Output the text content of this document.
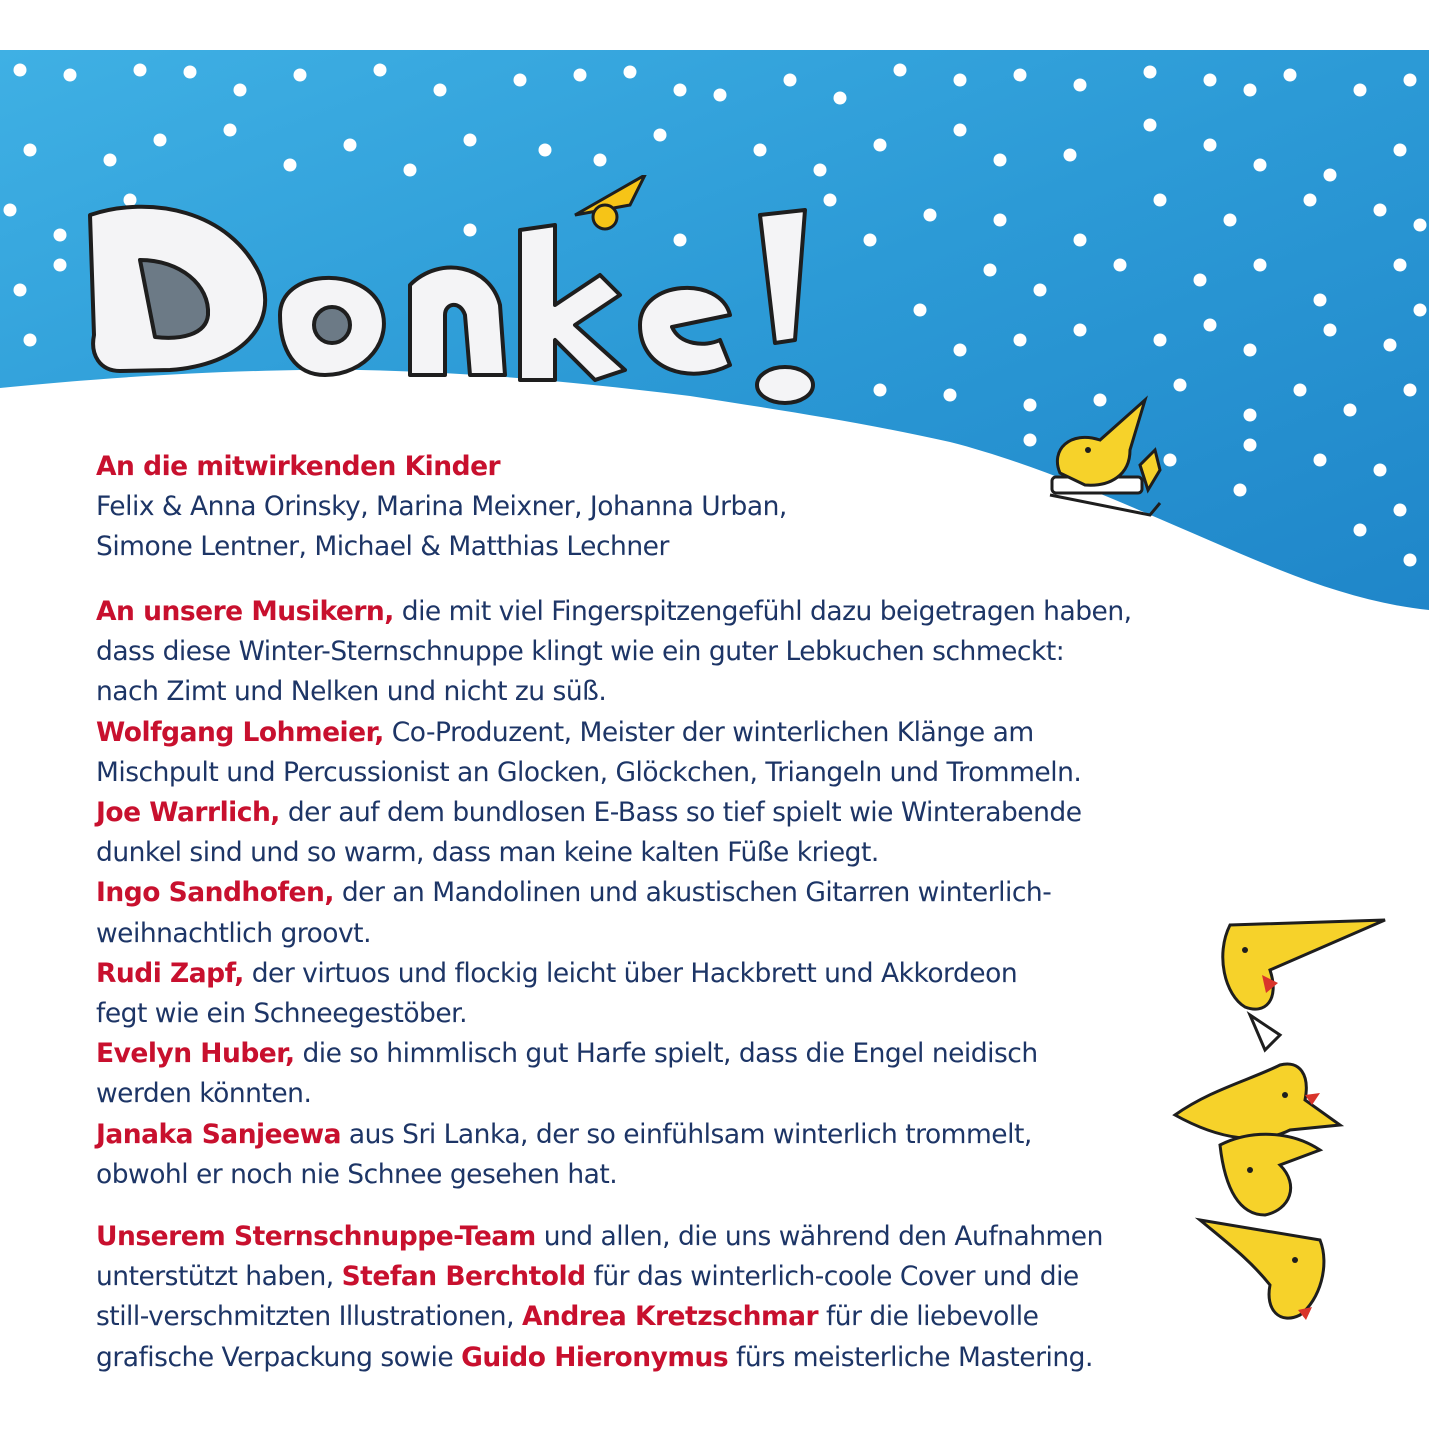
An die mitwirkenden Kinder

Felix & Anna Orinsky, Marina Meixner, Johanna Urban,

Simone Lentner, Michael & Matthias Lechner

An unsere Musikern, die mit viel Fingerspitzengefühl dazu beigetragen haben,

dass diese Winter-Sternschnuppe klingt wie ein guter Lebkuchen schmeckt:

nach Zimt und Nelken und nicht zu süß.

Wolfgang Lohmeier, Co-Produzent, Meister der winterlichen Klänge am

Mischpult und Percussionist an Glocken, Glöckchen, Triangeln und Trommeln.

Joe Warrlich, der auf dem bundlosen E-Bass so tief spielt wie Winterabende

dunkel sind und so warm, dass man keine kalten Füße kriegt.

Ingo Sandhofen, der an Mandolinen und akustischen Gitarren winterlich-

weihnachtlich groovt.

Rudi Zapf, der virtuos und flockig leicht über Hackbrett und Akkordeon

fegt wie ein Schneegestöber.

Evelyn Huber, die so himmlisch gut Harfe spielt, dass die Engel neidisch

werden könnten.

Janaka Sanjeewa aus Sri Lanka, der so einfühlsam winterlich trommelt,

obwohl er noch nie Schnee gesehen hat.

Unserem Sternschnuppe-Team und allen, die uns während den Aufnahmen

unterstützt haben, Stefan Berchtold für das winterlich-coole Cover und die

still-verschmitzten Illustrationen, Andrea Kretzschmar für die liebevolle

grafische Verpackung sowie Guido Hieronymus fürs meisterliche Mastering.
